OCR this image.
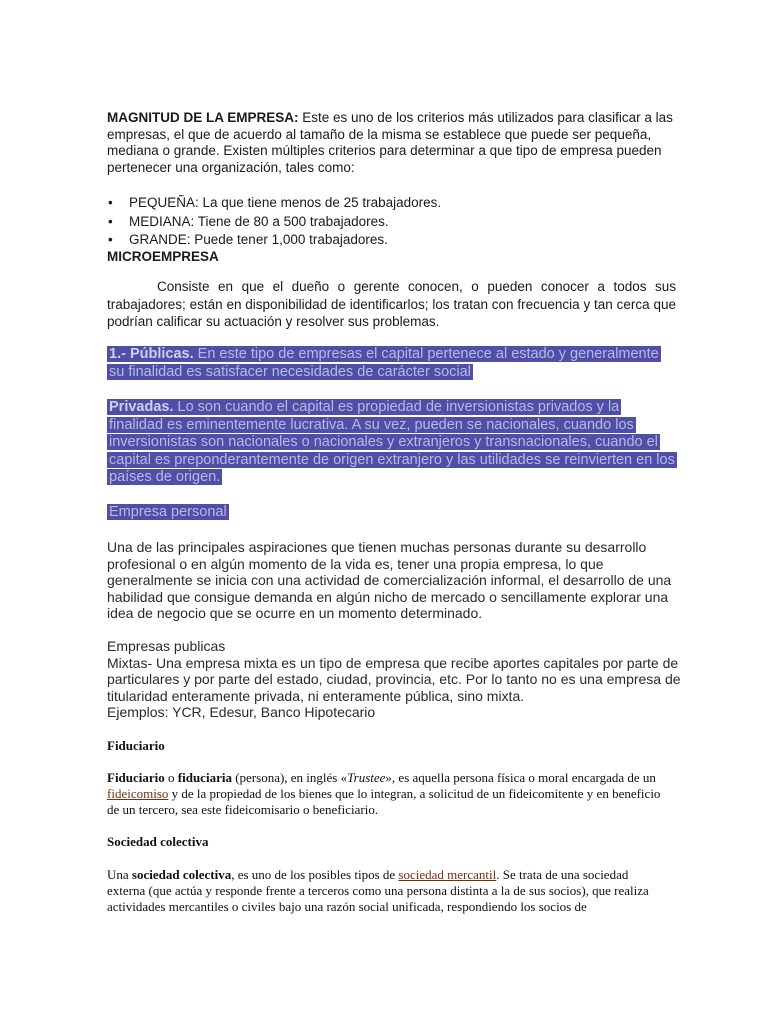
MAGNITUD DE LA EMPRESA: Este es uno de los criterios más utilizados para clasificar a las empresas, el que de acuerdo al tamaño de la misma se establece que puede ser pequeña, mediana o grande. Existen múltiples criterios para determinar a que tipo de empresa pueden pertenecer una organización, tales como:

• PEQUEÑA: La que tiene menos de 25 trabajadores.
• MEDIANA: Tiene de 80 a 500 trabajadores.
• GRANDE: Puede tener 1,000 trabajadores.
MICROEMPRESA

Consiste en que el dueño o gerente conocen, o pueden conocer a todos sus trabajadores; están en disponibilidad de identificarlos; los tratan con frecuencia y tan cerca que podrían calificar su actuación y resolver sus problemas.

1.- Públicas. En este tipo de empresas el capital pertenece al estado y generalmente su finalidad es satisfacer necesidades de carácter social

Privadas. Lo son cuando el capital es propiedad de inversionistas privados y la finalidad es eminentemente lucrativa. A su vez, pueden se nacionales, cuando los inversionistas son nacionales o nacionales y extranjeros y transnacionales, cuando el capital es preponderantemente de origen extranjero y las utilidades se reinvierten en los países de origen.

Empresa personal

Una de las principales aspiraciones que tienen muchas personas durante su desarrollo profesional o en algún momento de la vida es, tener una propia empresa, lo que generalmente se inicia con una actividad de comercialización informal, el desarrollo de una habilidad que consigue demanda en algún nicho de mercado o sencillamente explorar una idea de negocio que se ocurre en un momento determinado.

Empresas publicas

Mixtas- Una empresa mixta es un tipo de empresa que recibe aportes capitales por parte de particulares y por parte del estado, ciudad, provincia, etc. Por lo tanto no es una empresa de titularidad enteramente privada, ni enteramente pública, sino mixta.

Ejemplos: YCR, Edesur, Banco Hipotecario

Fiduciario

Fiduciario o fiduciaria (persona), en inglés «Trustee», es aquella persona física o moral encargada de un fideicomiso y de la propiedad de los bienes que lo integran, a solicitud de un fideicomitente y en beneficio de un tercero, sea este fideicomisario o beneficiario.

Sociedad colectiva

Una sociedad colectiva, es uno de los posibles tipos de sociedad mercantil. Se trata de una sociedad externa (que actúa y responde frente a terceros como una persona distinta a la de sus socios), que realiza actividades mercantiles o civiles bajo una razón social unificada, respondiendo los socios de
